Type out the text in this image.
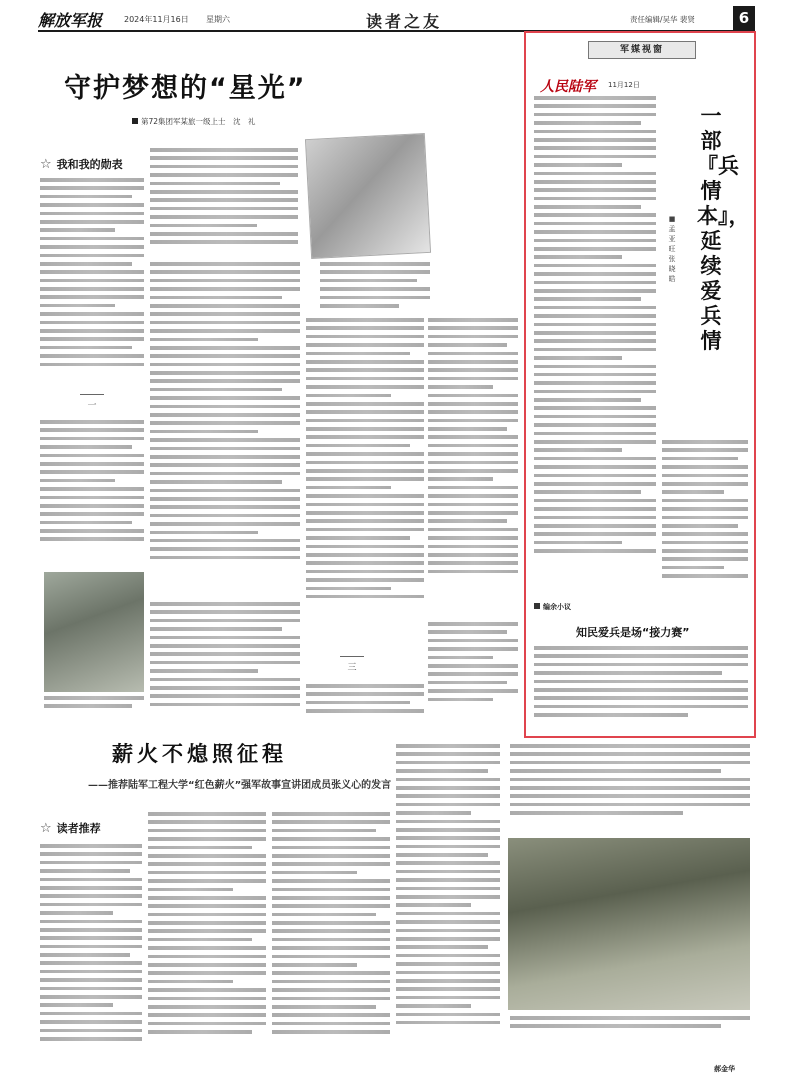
解放军报	2024年11月16日 星期六	读者之友	责任编辑/吴华 裴贤	6
守护梦想的“星光”
第72集团军某旅一级上士　沈　礼
☆ 我和我的勋表
一
三
薪火不熄照征程
——推荐陆军工程大学“红色薪火”强军故事宣讲团成员张义心的发言
☆ 读者推荐
郝金华
军媒视窗
人民陆军 11月12日
一部『兵情本』，延续爱兵情
■孟亚旺 张晓皓
编余小议
知民爱兵是场“接力赛”
